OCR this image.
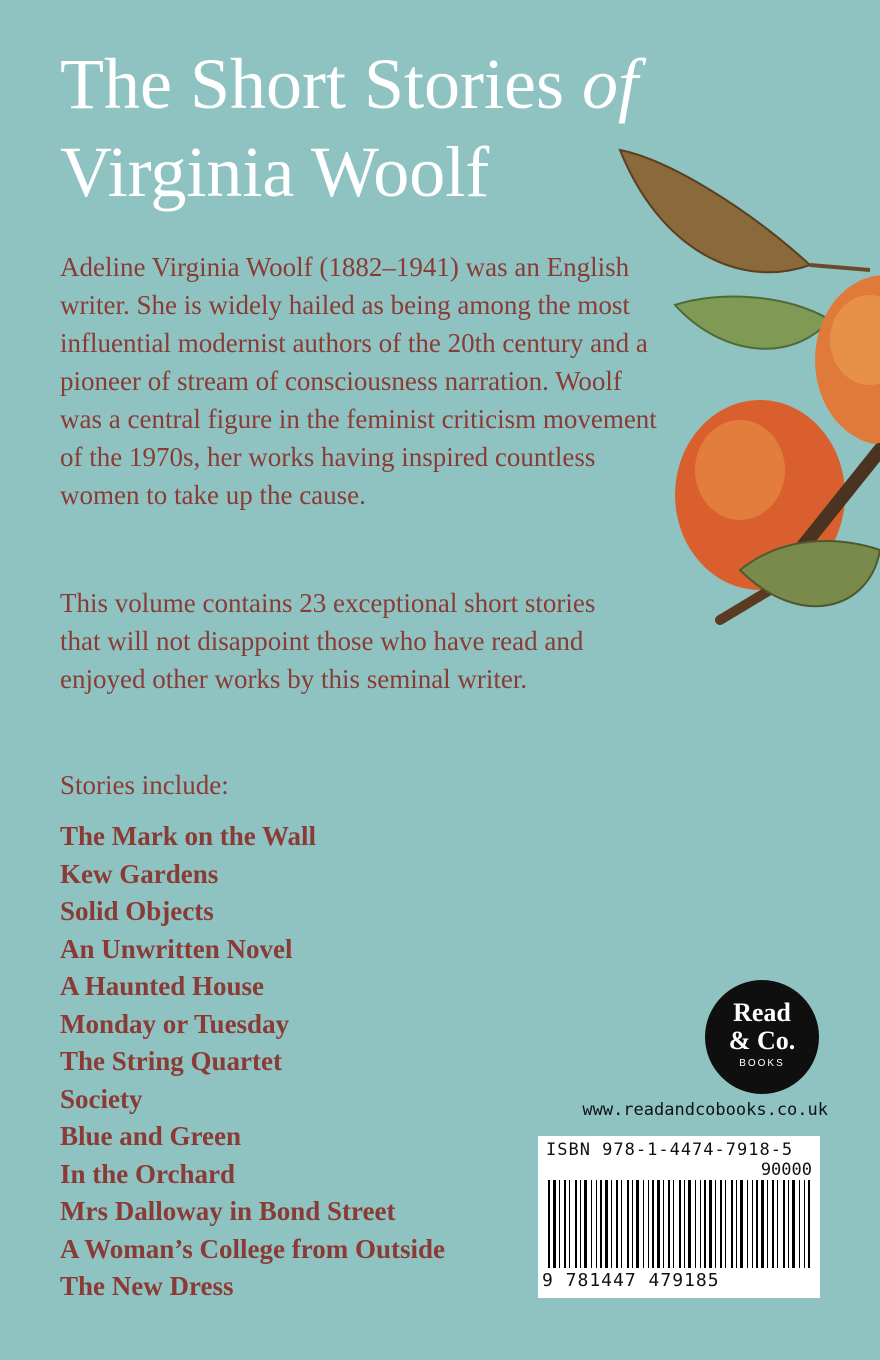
The Short Stories of
Virginia Woolf

Adeline Virginia Woolf (1882–1941) was an English writer. She is widely hailed as being among the most influential modernist authors of the 20th century and a pioneer of stream of consciousness narration. Woolf was a central figure in the feminist criticism movement of the 1970s, her works having inspired countless women to take up the cause.

This volume contains 23 exceptional short stories that will not disappoint those who have read and enjoyed other works by this seminal writer.

Stories include:

The Mark on the Wall
Kew Gardens
Solid Objects
An Unwritten Novel
A Haunted House
Monday or Tuesday
The String Quartet
Society
Blue and Green
In the Orchard
Mrs Dalloway in Bond Street
A Woman’s College from Outside
The New Dress
Read
& Co.
BOOKS
www.readandcobooks.co.uk
ISBN 978-1-4474-7918-5
90000
9 781447 479185
